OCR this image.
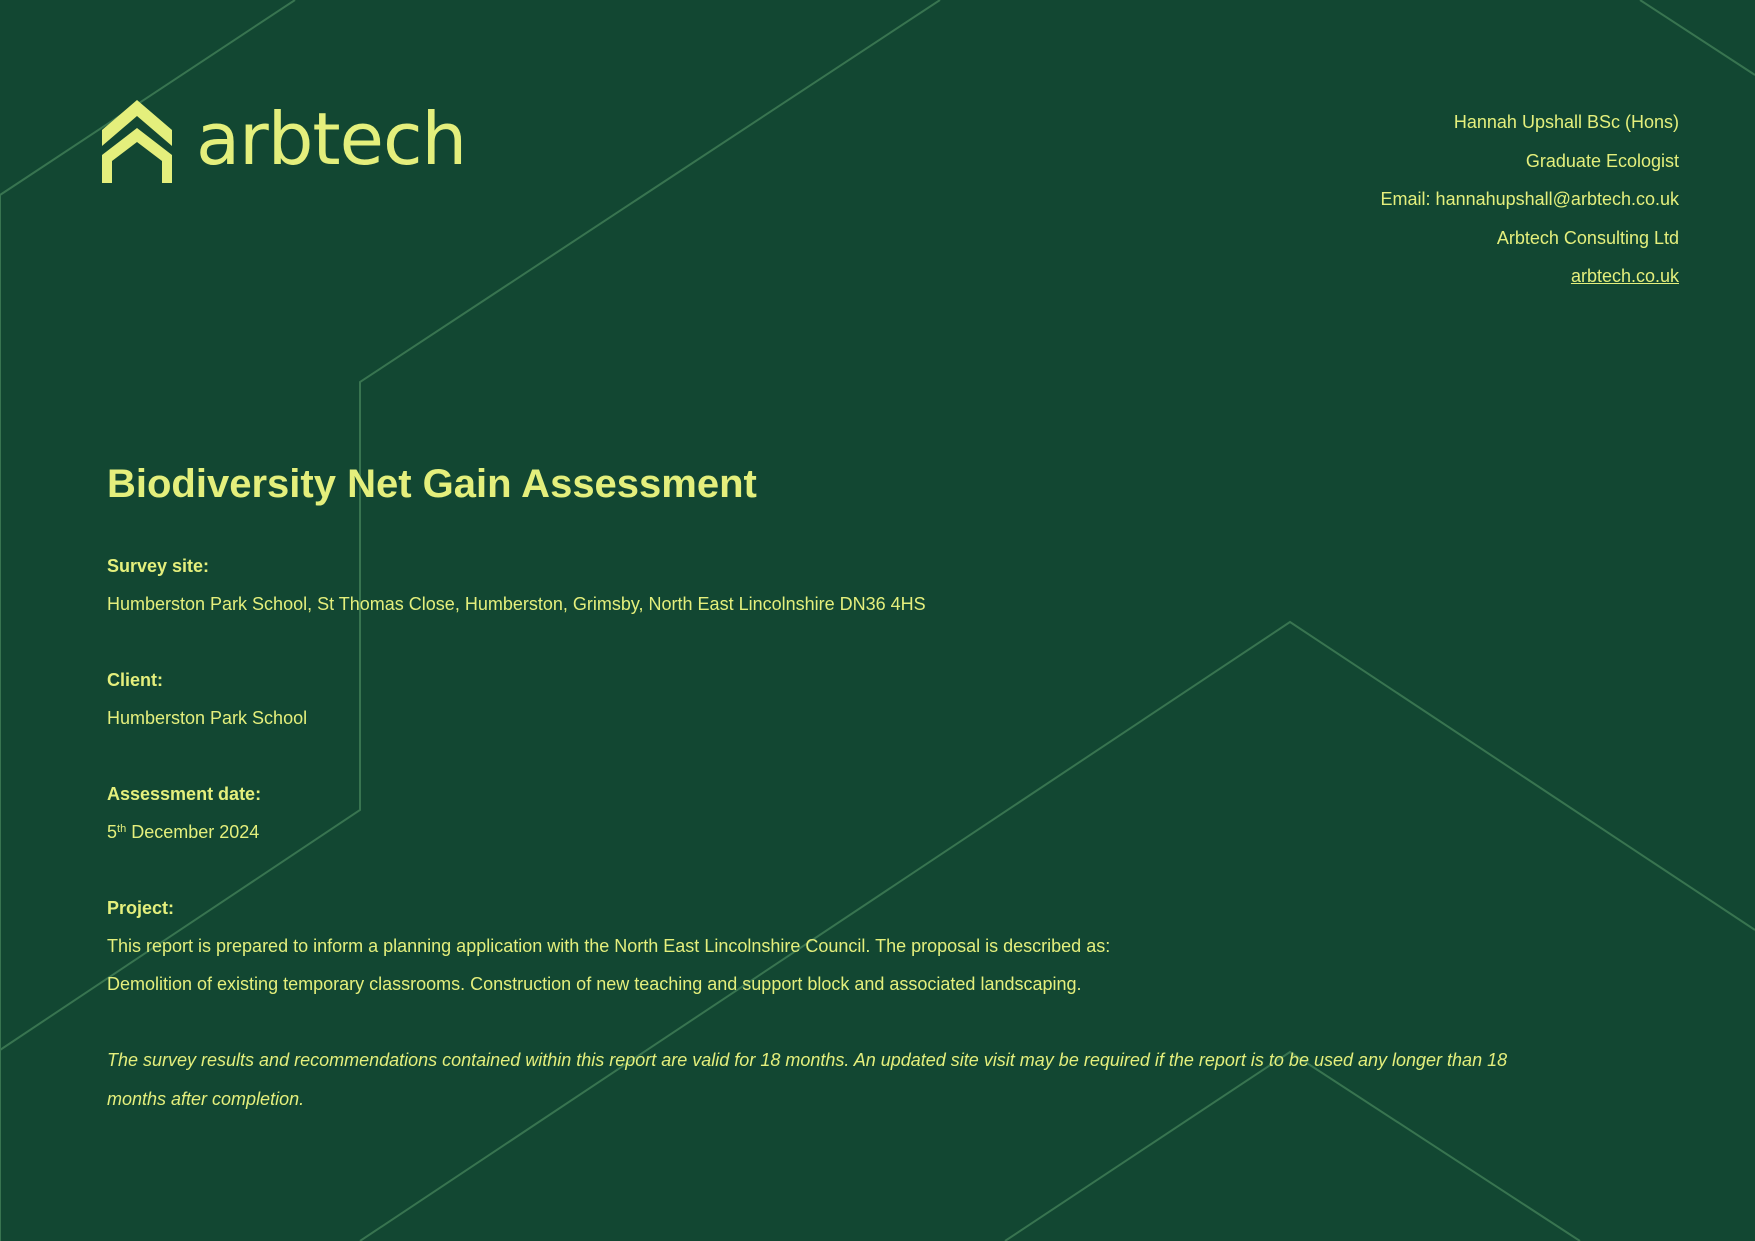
arbtech	Hannah Upshall BSc (Hons)
Graduate Ecologist
Email: hannahupshall@arbtech.co.uk
Arbtech Consulting Ltd
arbtech.co.uk
Biodiversity Net Gain Assessment
Survey site:
Humberston Park School, St Thomas Close, Humberston, Grimsby, North East Lincolnshire DN36 4HS
Client:
Humberston Park School
Assessment date:
5th December 2024
Project:
This report is prepared to inform a planning application with the North East Lincolnshire Council. The proposal is described as:
Demolition of existing temporary classrooms. Construction of new teaching and support block and associated landscaping.
The survey results and recommendations contained within this report are valid for 18 months. An updated site visit may be required if the report is to be used any longer than 18 months after completion.
